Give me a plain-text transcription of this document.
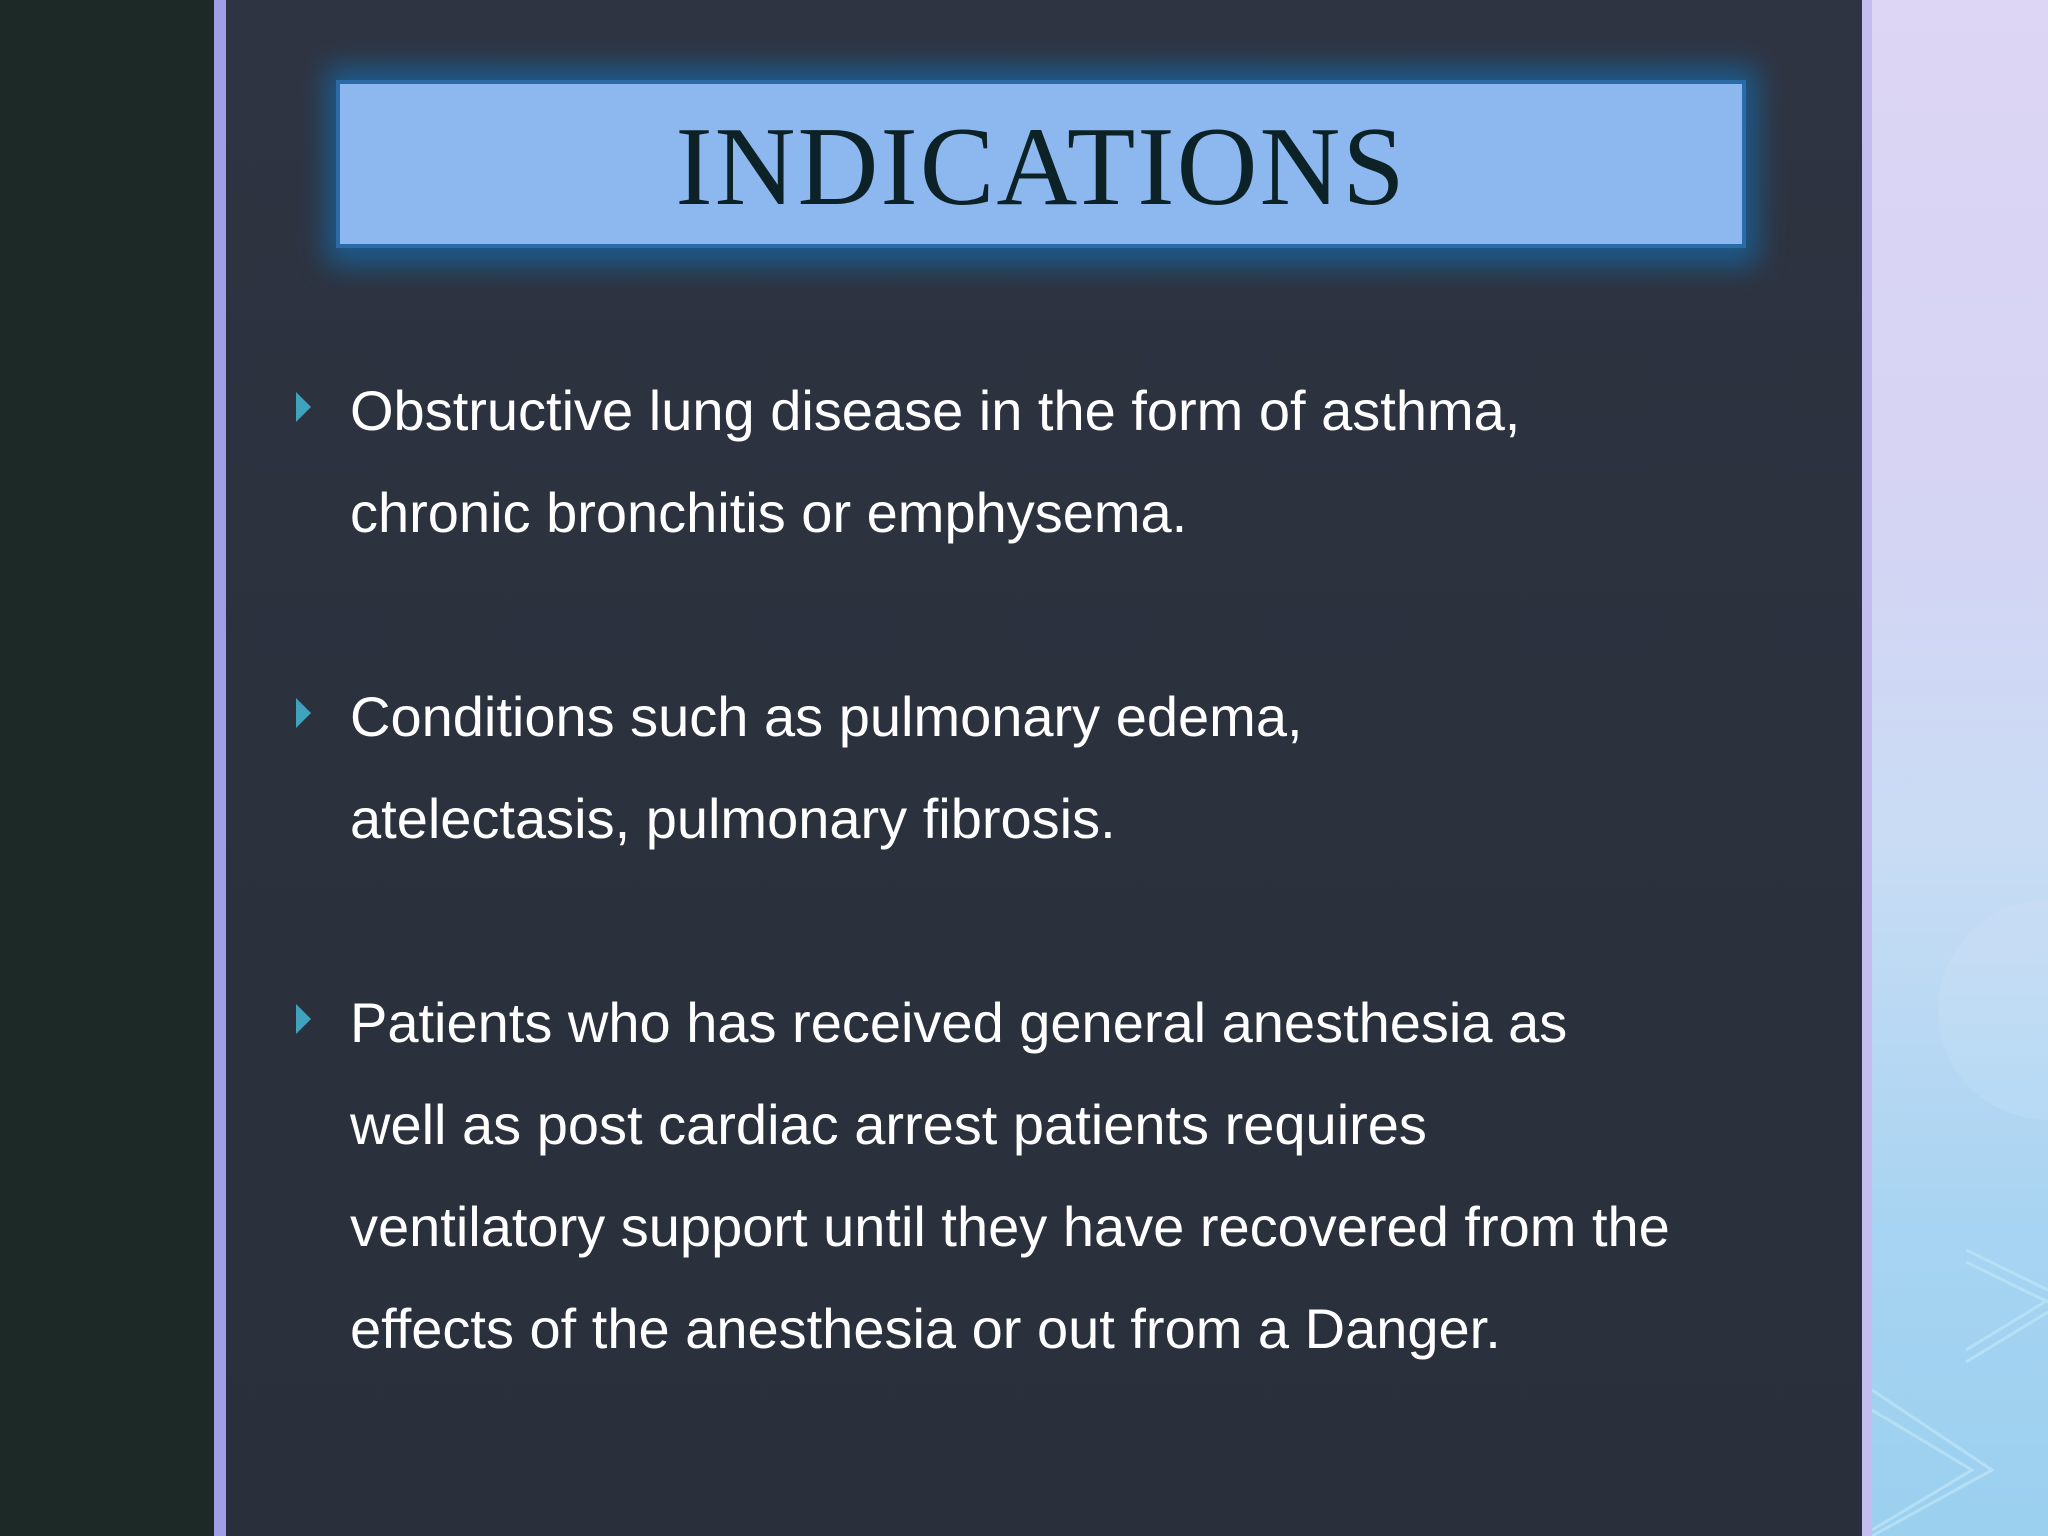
INDICATIONS
Obstructive lung disease in the form of asthma,
chronic bronchitis or emphysema.
Conditions such as pulmonary edema,
atelectasis, pulmonary fibrosis.
Patients who has received general anesthesia as
well as post cardiac arrest patients requires
ventilatory support until they have recovered from the
effects of the anesthesia or out from a Danger.
